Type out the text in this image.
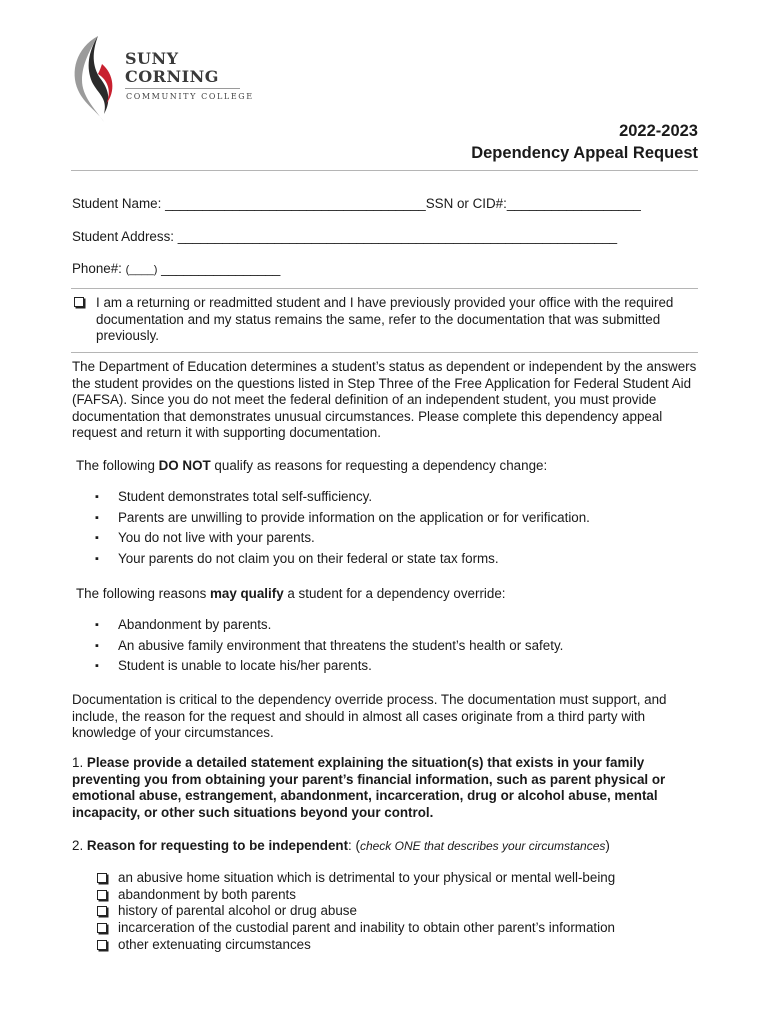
SUNY
CORNING
COMMUNITY COLLEGE
2022-2023
Dependency Appeal Request
Student Name: ___________________________________SSN or CID#:__________________
Student Address: ___________________________________________________________
Phone#: (____) ________________
I am a returning or readmitted student and I have previously provided your office with the required documentation and my status remains the same, refer to the documentation that was submitted previously.
The Department of Education determines a student’s status as dependent or independent by the answers the student provides on the questions listed in Step Three of the Free Application for Federal Student Aid (FAFSA). Since you do not meet the federal definition of an independent student, you must provide documentation that demonstrates unusual circumstances. Please complete this dependency appeal request and return it with supporting documentation.
The following DO NOT qualify as reasons for requesting a dependency change:
▪ Student demonstrates total self-sufficiency.
▪ Parents are unwilling to provide information on the application or for verification.
▪ You do not live with your parents.
▪ Your parents do not claim you on their federal or state tax forms.
The following reasons may qualify a student for a dependency override:
▪ Abandonment by parents.
▪ An abusive family environment that threatens the student’s health or safety.
▪ Student is unable to locate his/her parents.
Documentation is critical to the dependency override process. The documentation must support, and include, the reason for the request and should in almost all cases originate from a third party with knowledge of your circumstances.
1. Please provide a detailed statement explaining the situation(s) that exists in your family preventing you from obtaining your parent’s financial information, such as parent physical or emotional abuse, estrangement, abandonment, incarceration, drug or alcohol abuse, mental incapacity, or other such situations beyond your control.
2. Reason for requesting to be independent: (check ONE that describes your circumstances)
an abusive home situation which is detrimental to your physical or mental well-being
abandonment by both parents
history of parental alcohol or drug abuse
incarceration of the custodial parent and inability to obtain other parent’s information
other extenuating circumstances
